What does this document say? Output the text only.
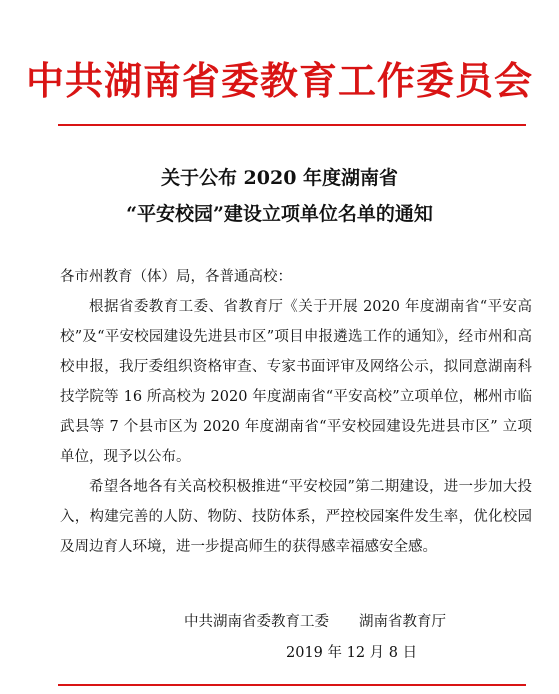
中共湖南省委教育工作委员会
关于公布 2020 年度湖南省
“平安校园”建设立项单位名单的通知

各市州教育（体）局，各普通高校：

根据省委教育工委、省教育厅《关于开展 2020 年度湖南省“平安高校”及“平安校园建设先进县市区”项目申报遴选工作的通知》，经市州和高校申报，我厅委组织资格审查、专家书面评审及网络公示，拟同意湖南科技学院等 16 所高校为 2020 年度湖南省“平安高校”立项单位，郴州市临武县等 7 个县市区为 2020 年度湖南省“平安校园建设先进县市区” 立项单位，现予以公布。

希望各地各有关高校积极推进“平安校园”第二期建设，进一步加大投入，构建完善的人防、物防、技防体系，严控校园案件发生率，优化校园及周边育人环境，进一步提高师生的获得感幸福感安全感。

中共湖南省委教育工委 湖南省教育厅
2019 年 12 月 8 日
